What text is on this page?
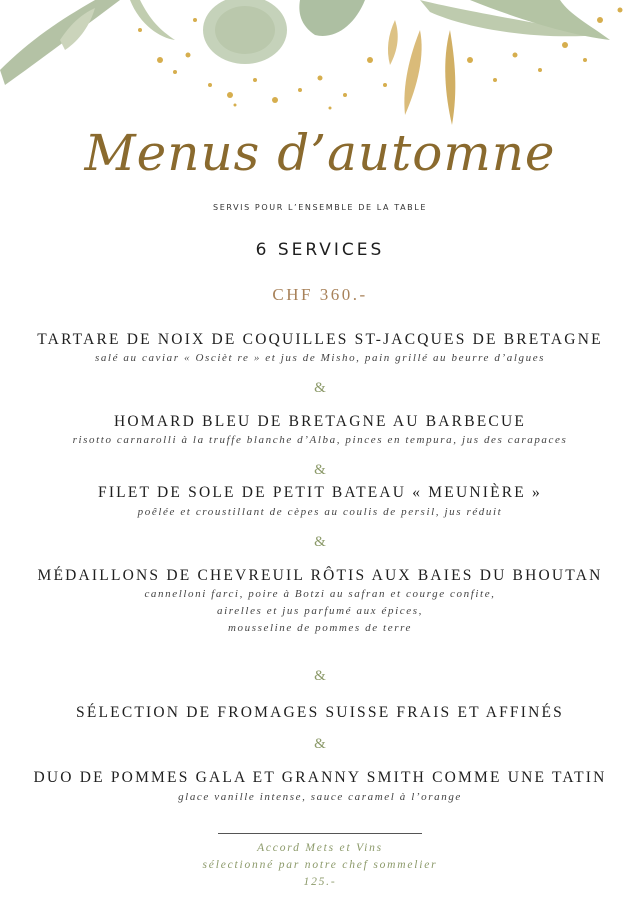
Menus d’automne
SERVIS POUR L’ENSEMBLE DE LA TABLE
6 SERVICES
CHF 360.-
TARTARE DE NOIX DE COQUILLES ST-JACQUES DE BRETAGNE
salé au caviar « Oscièt re » et jus de Misho, pain grillé au beurre d’algues
&
HOMARD BLEU DE BRETAGNE AU BARBECUE
risotto carnarolli à la truffe blanche d’Alba, pinces en tempura, jus des carapaces
&
FILET DE SOLE DE PETIT BATEAU « MEUNIÈRE »
poêlée et croustillant de cèpes au coulis de persil, jus réduit
&
MÉDAILLONS DE CHEVREUIL RÔTIS AUX BAIES DU BHOUTAN
cannelloni farci, poire à Botzi au safran et courge confite,
airelles et jus parfumé aux épices,
mousseline de pommes de terre
&
SÉLECTION DE FROMAGES SUISSE FRAIS ET AFFINÉS
&
DUO DE POMMES GALA ET GRANNY SMITH COMME UNE TATIN
glace vanille intense, sauce caramel à l’orange
Accord Mets et Vins
sélectionné par notre chef sommelier
125.-
